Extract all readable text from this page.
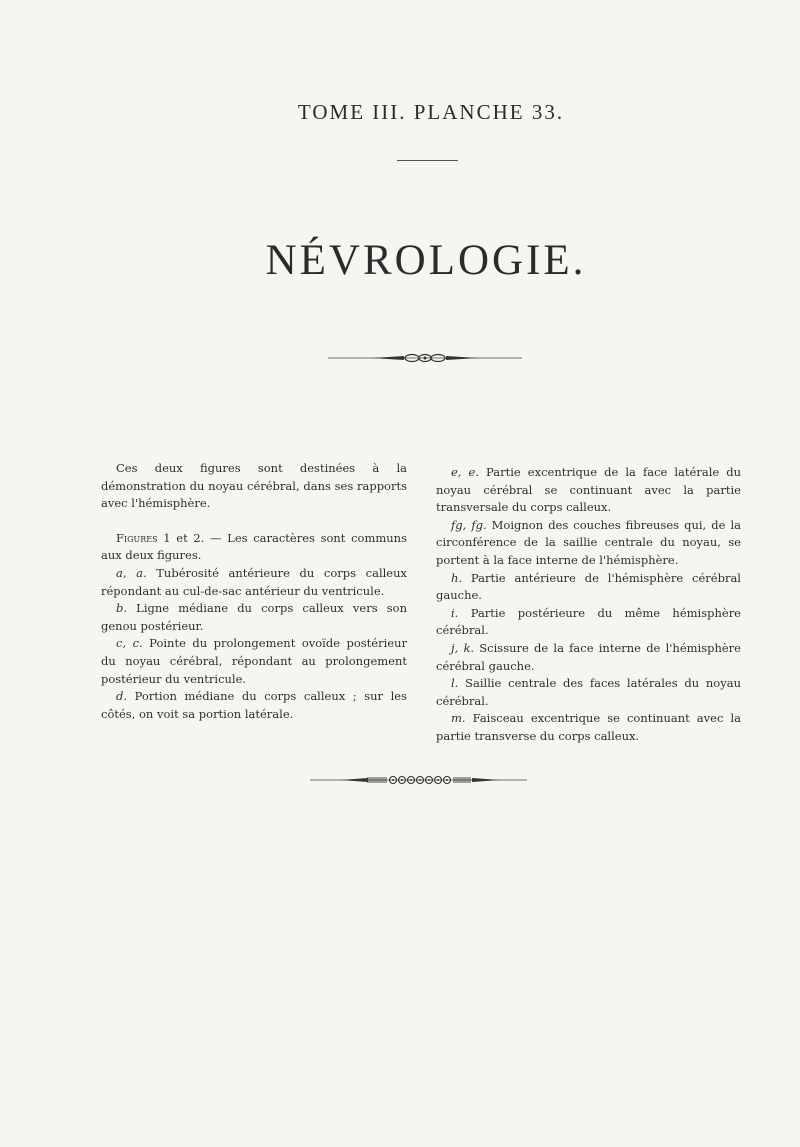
TOME III. PLANCHE 33.
NÉVROLOGIE.

Ces deux figures sont destinées à la démonstration du noyau cérébral, dans ses rapports avec l'hémisphère.

Figures 1 et 2. — Les caractères sont communs aux deux figures.

a, a. Tubérosité antérieure du corps calleux répondant au cul-de-sac antérieur du ventricule.

b. Ligne médiane du corps calleux vers son genou postérieur.

c, c. Pointe du prolongement ovoïde postérieur du noyau cérébral, répondant au prolongement postérieur du ventricule.

d. Portion médiane du corps calleux ; sur les côtés, on voit sa portion latérale.

e, e. Partie excentrique de la face latérale du noyau cérébral se continuant avec la partie transversale du corps calleux.

fg, fg. Moignon des couches fibreuses qui, de la circonférence de la saillie centrale du noyau, se portent à la face interne de l'hémisphère.

h. Partie antérieure de l'hémisphère cérébral gauche.

i. Partie postérieure du même hémisphère cérébral.

j, k. Scissure de la face interne de l'hémisphère cérébral gauche.

l. Saillie centrale des faces latérales du noyau cérébral.

m. Faisceau excentrique se continuant avec la partie transverse du corps calleux.
